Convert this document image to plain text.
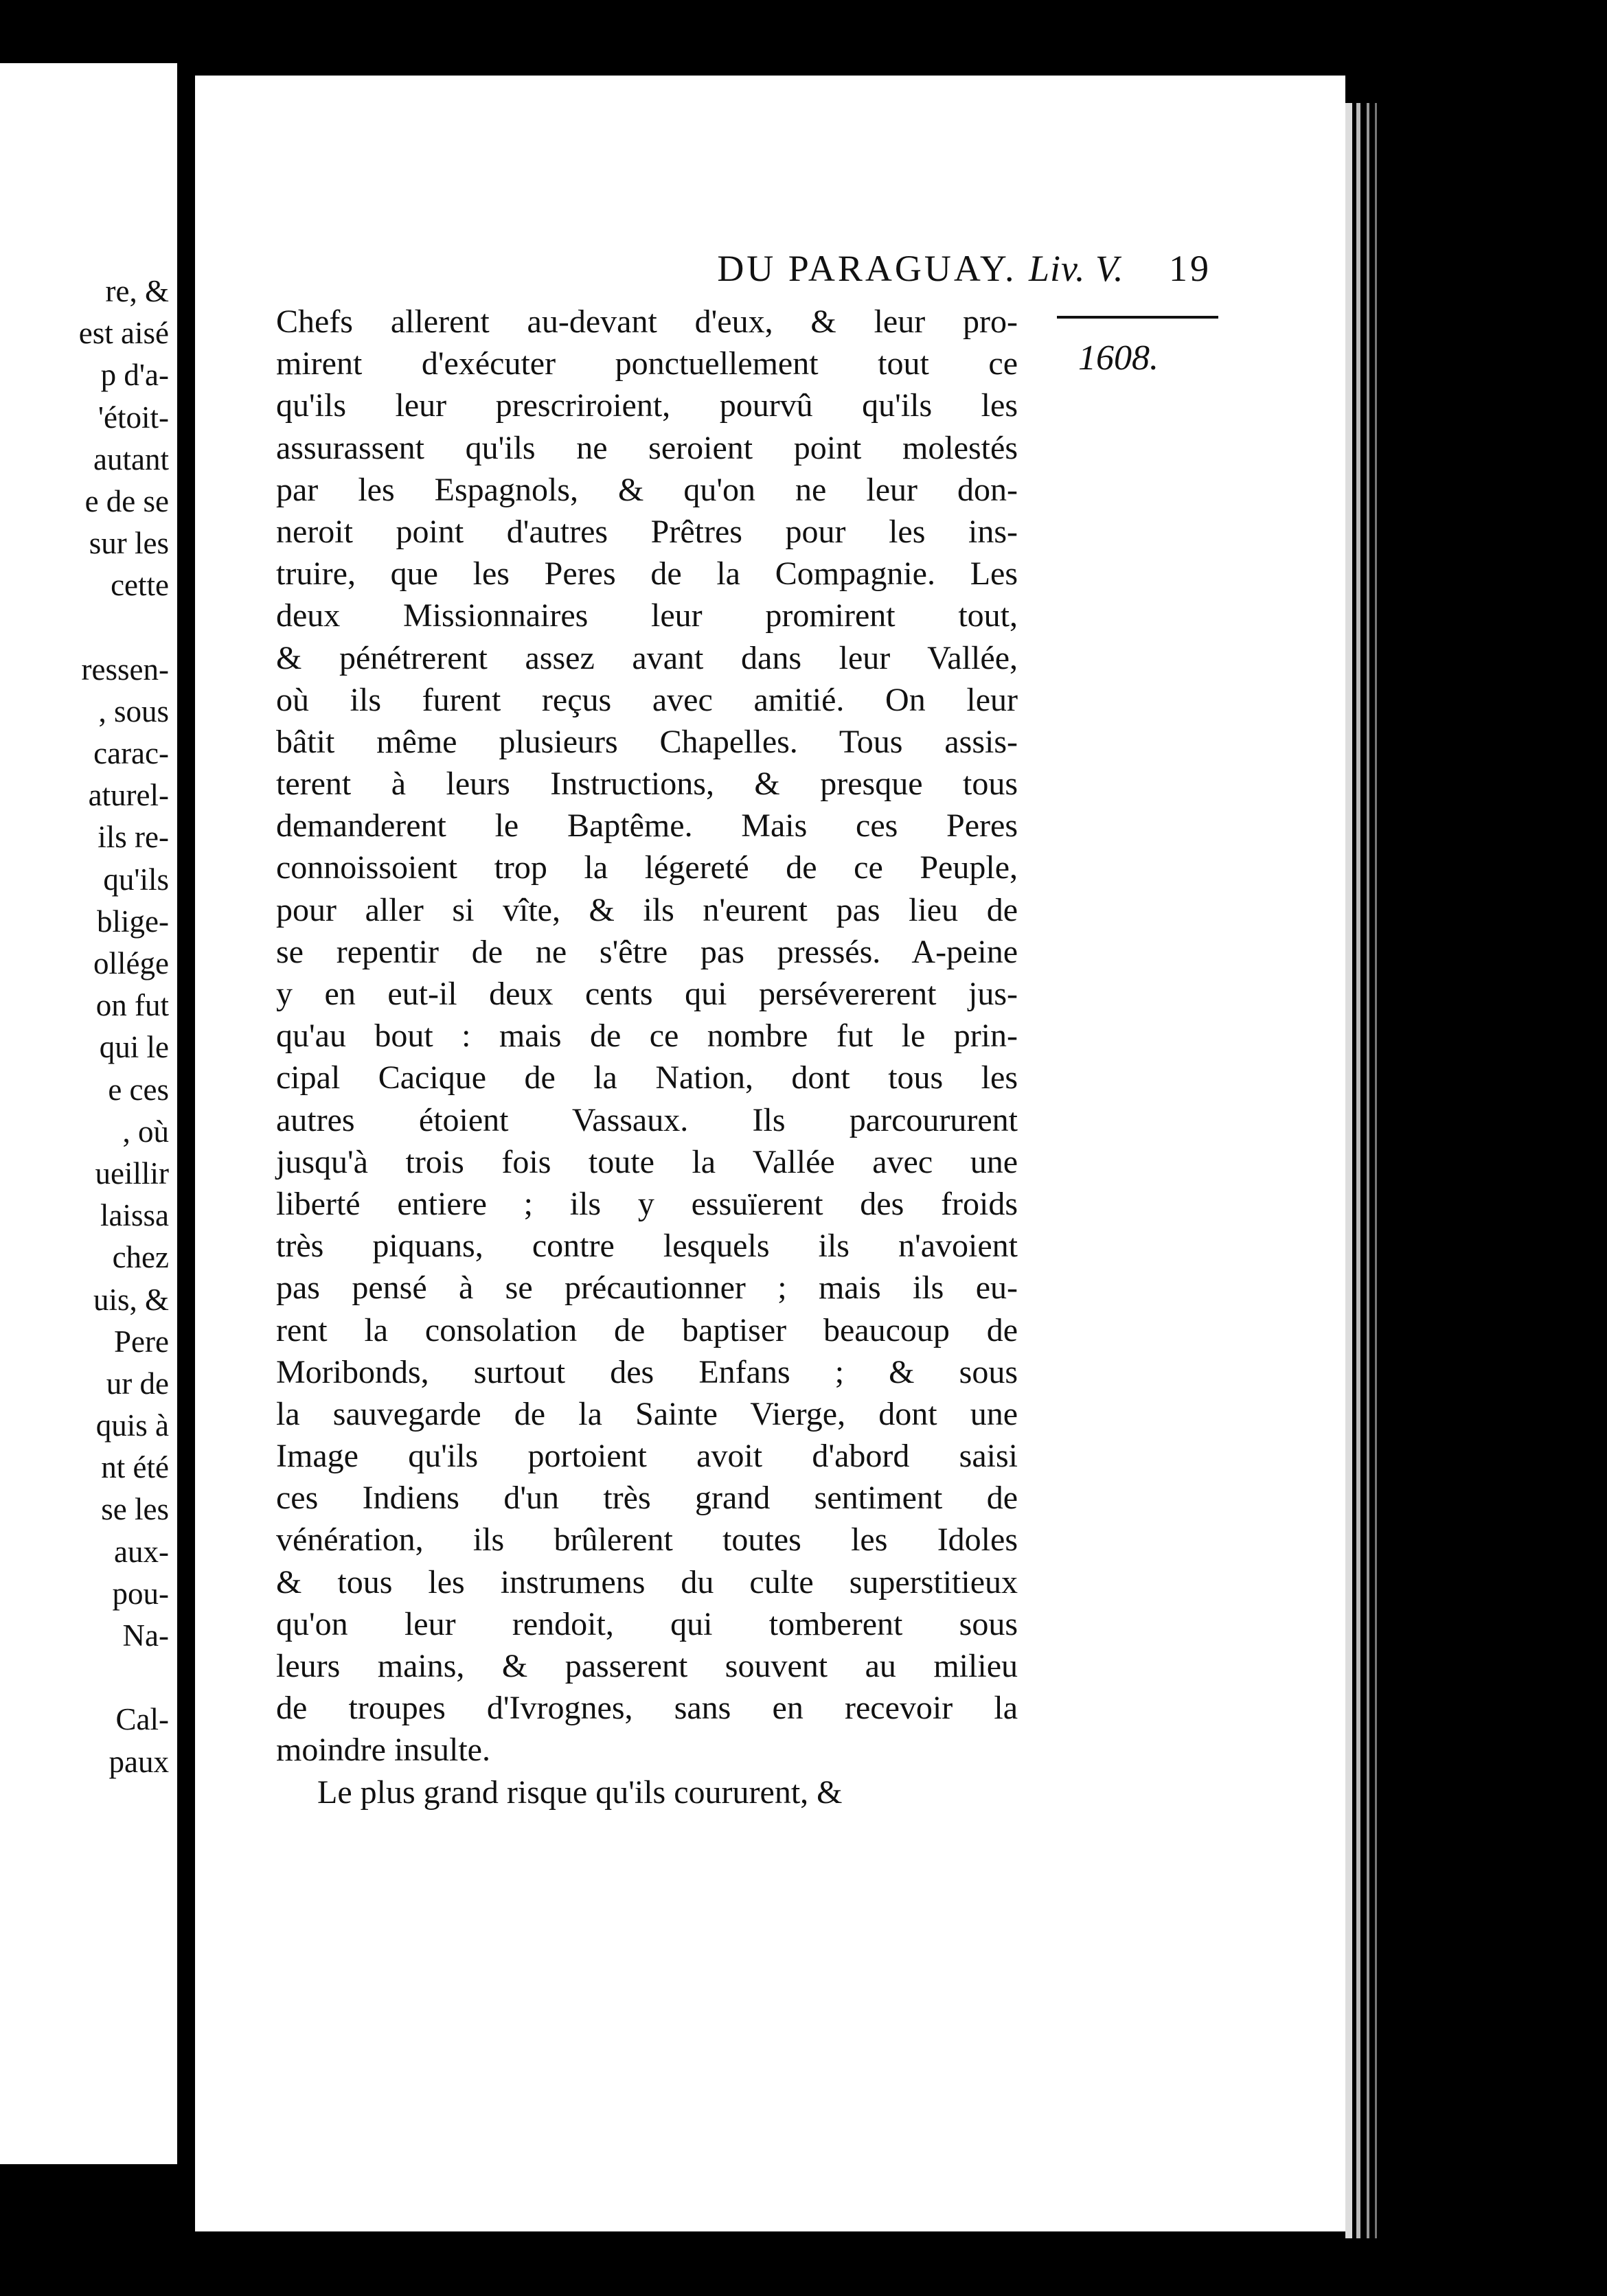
re, &
est aisé
p d'a-
'étoit-
autant
e de se
sur les
cette
ressen-
, sous
carac-
aturel-
ils re-
qu'ils
blige-
ollége
on fut
qui le
e ces
, où
ueillir
laissa
chez
uis, &
Pere
ur de
quis à
nt été
se les
aux-
pou-
Na-
Cal-
paux
DU PARAGUAY. Liv. V. 19
1608.
Chefs allerent au-devant d'eux, & leur pro-
mirent d'exécuter ponctuellement tout ce
qu'ils leur prescriroient, pourvû qu'ils les
assurassent qu'ils ne seroient point molestés
par les Espagnols, & qu'on ne leur don-
neroit point d'autres Prêtres pour les ins-
truire, que les Peres de la Compagnie. Les
deux Missionnaires leur promirent tout,
& pénétrerent assez avant dans leur Vallée,
où ils furent reçus avec amitié. On leur
bâtit même plusieurs Chapelles. Tous assis-
terent à leurs Instructions, & presque tous
demanderent le Baptême. Mais ces Peres
connoissoient trop la légereté de ce Peuple,
pour aller si vîte, & ils n'eurent pas lieu de
se repentir de ne s'être pas pressés. A-peine
y en eut-il deux cents qui persévererent jus-
qu'au bout : mais de ce nombre fut le prin-
cipal Cacique de la Nation, dont tous les
autres étoient Vassaux. Ils parcoururent
jusqu'à trois fois toute la Vallée avec une
liberté entiere ; ils y essuïerent des froids
très piquans, contre lesquels ils n'avoient
pas pensé à se précautionner ; mais ils eu-
rent la consolation de baptiser beaucoup de
Moribonds, surtout des Enfans ; & sous
la sauvegarde de la Sainte Vierge, dont une
Image qu'ils portoient avoit d'abord saisi
ces Indiens d'un très grand sentiment de
vénération, ils brûlerent toutes les Idoles
& tous les instrumens du culte superstitieux
qu'on leur rendoit, qui tomberent sous
leurs mains, & passerent souvent au milieu
de troupes d'Ivrognes, sans en recevoir la
moindre insulte.
Le plus grand risque qu'ils coururent, &
